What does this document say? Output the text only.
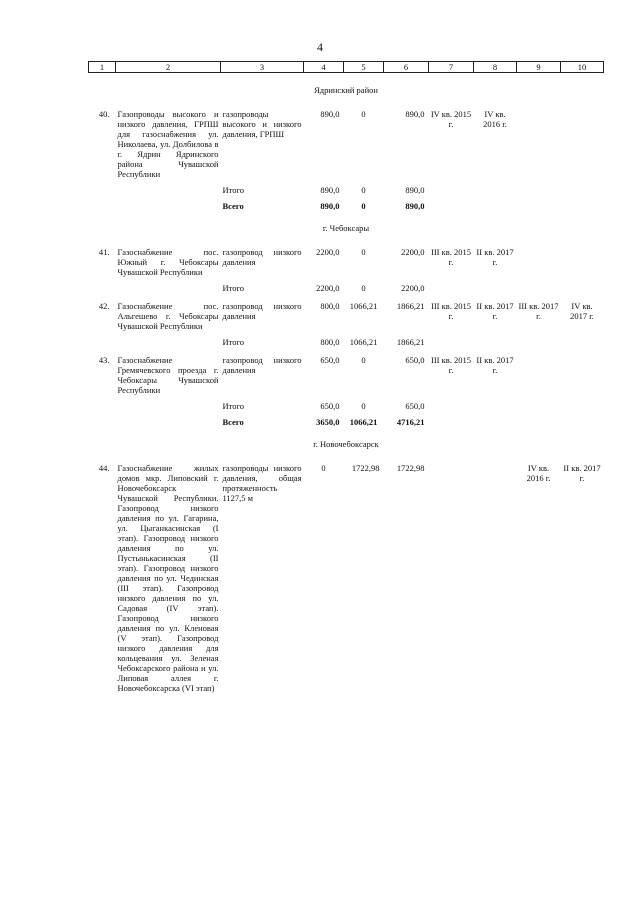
4
1	2	3	4	5	6	7	8	9	10
Ядринский район									
40.	Газопроводы высокого и низкого давления, ГРПШ для газоснабжения ул. Николаева, ул. Долбилова в г. Ядрин Ядринского района Чувашской Республики	газопроводы высокого и низкого давления, ГРПШ	890,0	0	890,0	IV кв. 2015 г.	IV кв. 2016 г.		
		Итого	890,0	0	890,0				
		Всего	890,0	0	890,0				
г. Чебоксары									
41.	Газоснабжение пос. Южный г. Чебоксары Чувашской Республики	газопровод низкого давления	2200,0	0	2200,0	III кв. 2015 г.	II кв. 2017 г.		
		Итого	2200,0	0	2200,0				
42.	Газоснабжение пос. Альгешево г. Чебоксары Чувашской Республики	газопровод низкого давления	800,0	1066,21	1866,21	III кв. 2015 г.	II кв. 2017 г.	III кв. 2017 г.	IV кв. 2017 г.
		Итого	800,0	1066,21	1866,21				
43.	Газоснабжение Гремячевского проезда г. Чебоксары Чувашской Республики	газопровод низкого давления	650,0	0	650,0	III кв. 2015 г.	II кв. 2017 г.		
		Итого	650,0	0	650,0				
		Всего	3650,0	1066,21	4716,21				
г. Новочебоксарск									
44.	Газоснабжение жилых домов мкр. Липовский г. Новочебоксарск Чувашской Республики. Газопровод низкого давления по ул. Гагарина, ул. Цыганкасинская (I этап). Газопровод низкого давления по ул. Пустынькасинская (II этап). Газопровод низкого давления по ул. Чединская (III этап). Газопровод низкого давления по ул. Садовая (IV этап). Газопровод низкого давления по ул. Кленовая (V этап). Газопровод низкого давления для кольцевания ул. Зеленая Чебоксарского района и ул. Липовая аллея г. Новочебоксарска (VI этап)	газопроводы низкого давления, общая протяженность 1127,5 м	0	1722,98	1722,98			IV кв. 2016 г.	II кв. 2017 г.
